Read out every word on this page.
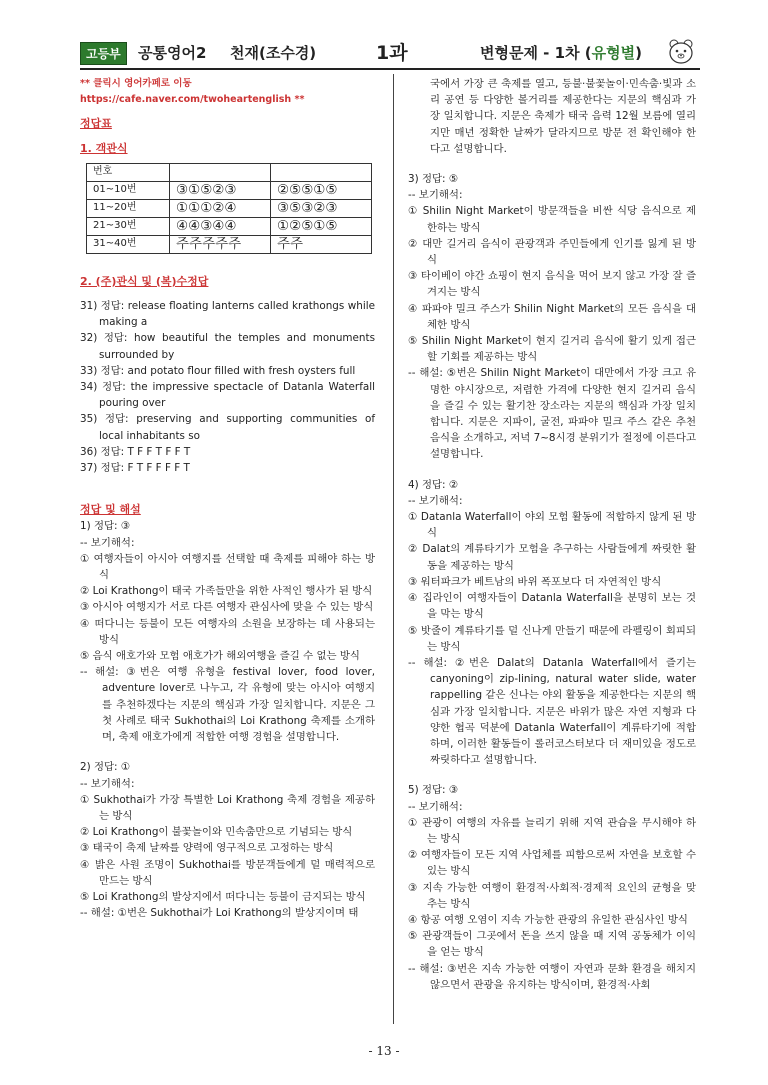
고등부	공통영어2 천재(조수경)	1과	변형문제 - 1차 (유형별)
** 클릭시 영어카페로 이동 https://cafe.naver.com/twoheartenglish **
정답표
1. 객관식
번호		
01~10번	③①⑤②③	②⑤⑤①⑤
11~20번	①①①②④	③⑤③②③
21~30번	④④③④④	①②⑤①⑤
31~40번	주주주주주	주주
2. (주)관식 및 (복)수정답
31) 정답: release floating lanterns called krathongs while making a
32) 정답: how beautiful the temples and monuments surrounded by
33) 정답: and potato flour filled with fresh oysters full
34) 정답: the impressive spectacle of Datanla Waterfall pouring over
35) 정답: preserving and supporting communities of local inhabitants so
36) 정답: T F F T F F T
37) 정답: F T F F F F T
정답 및 해설
1) 정답: ③
-- 보기해석:
① 여행자들이 아시아 여행지를 선택할 때 축제를 피해야 하는 방식
② Loi Krathong이 태국 가족들만을 위한 사적인 행사가 된 방식
③ 아시아 여행지가 서로 다른 여행자 관심사에 맞을 수 있는 방식
④ 떠다니는 등불이 모든 여행자의 소원을 보장하는 데 사용되는 방식
⑤ 음식 애호가와 모험 애호가가 해외여행을 즐길 수 없는 방식
-- 해설: ③번은 여행 유형을 festival lover, food lover, adventure lover로 나누고, 각 유형에 맞는 아시아 여행지를 추천하겠다는 지문의 핵심과 가장 일치합니다. 지문은 그 첫 사례로 태국 Sukhothai의 Loi Krathong 축제를 소개하며, 축제 애호가에게 적합한 여행 경험을 설명합니다.
2) 정답: ①
-- 보기해석:
① Sukhothai가 가장 특별한 Loi Krathong 축제 경험을 제공하는 방식
② Loi Krathong이 불꽃놀이와 민속춤만으로 기념되는 방식
③ 태국이 축제 날짜를 양력에 영구적으로 고정하는 방식
④ 밝은 사원 조명이 Sukhothai를 방문객들에게 덜 매력적으로 만드는 방식
⑤ Loi Krathong의 발상지에서 떠다니는 등불이 금지되는 방식
-- 해설: ①번은 Sukhothai가 Loi Krathong의 발상지이며 태
국에서 가장 큰 축제를 열고, 등불·불꽃놀이·민속춤·빛과 소리 공연 등 다양한 볼거리를 제공한다는 지문의 핵심과 가장 일치합니다. 지문은 축제가 태국 음력 12월 보름에 열리지만 매년 정확한 날짜가 달라지므로 방문 전 확인해야 한다고 설명합니다.
3) 정답: ⑤
-- 보기해석:
① Shilin Night Market이 방문객들을 비싼 식당 음식으로 제한하는 방식
② 대만 길거리 음식이 관광객과 주민들에게 인기를 잃게 된 방식
③ 타이베이 야간 쇼핑이 현지 음식을 먹어 보지 않고 가장 잘 즐겨지는 방식
④ 파파야 밀크 주스가 Shilin Night Market의 모든 음식을 대체한 방식
⑤ Shilin Night Market이 현지 길거리 음식에 활기 있게 접근할 기회를 제공하는 방식
-- 해설: ⑤번은 Shilin Night Market이 대만에서 가장 크고 유명한 야시장으로, 저렴한 가격에 다양한 현지 길거리 음식을 즐길 수 있는 활기찬 장소라는 지문의 핵심과 가장 일치합니다. 지문은 지파이, 굴전, 파파야 밀크 주스 같은 추천 음식을 소개하고, 저녁 7~8시경 분위기가 절정에 이른다고 설명합니다.
4) 정답: ②
-- 보기해석:
① Datanla Waterfall이 야외 모험 활동에 적합하지 않게 된 방식
② Dalat의 계류타기가 모험을 추구하는 사람들에게 짜릿한 활동을 제공하는 방식
③ 워터파크가 베트남의 바위 폭포보다 더 자연적인 방식
④ 집라인이 여행자들이 Datanla Waterfall을 분명히 보는 것을 막는 방식
⑤ 밧줄이 계류타기를 덜 신나게 만들기 때문에 라펠링이 회피되는 방식
-- 해설: ②번은 Dalat의 Datanla Waterfall에서 즐기는 canyoning이 zip-lining, natural water slide, water rappelling 같은 신나는 야외 활동을 제공한다는 지문의 핵심과 가장 일치합니다. 지문은 바위가 많은 자연 지형과 다양한 협곡 덕분에 Datanla Waterfall이 계류타기에 적합하며, 이러한 활동들이 롤러코스터보다 더 재미있을 정도로 짜릿하다고 설명합니다.
5) 정답: ③
-- 보기해석:
① 관광이 여행의 자유를 늘리기 위해 지역 관습을 무시해야 하는 방식
② 여행자들이 모든 지역 사업체를 피함으로써 자연을 보호할 수 있는 방식
③ 지속 가능한 여행이 환경적·사회적·경제적 요인의 균형을 맞추는 방식
④ 항공 여행 오염이 지속 가능한 관광의 유일한 관심사인 방식
⑤ 관광객들이 그곳에서 돈을 쓰지 않을 때 지역 공동체가 이익을 얻는 방식
-- 해설: ③번은 지속 가능한 여행이 자연과 문화 환경을 해치지 않으면서 관광을 유지하는 방식이며, 환경적·사회
- 13 -
